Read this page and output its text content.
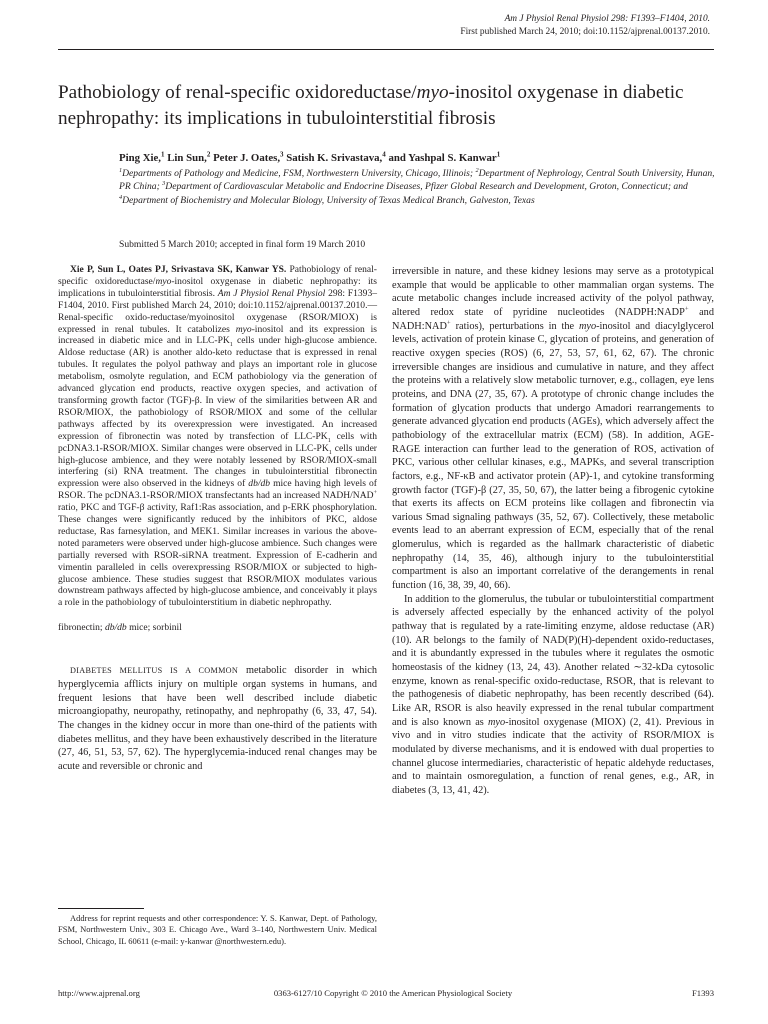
Am J Physiol Renal Physiol 298: F1393–F1404, 2010.
First published March 24, 2010; doi:10.1152/ajprenal.00137.2010.
Pathobiology of renal-specific oxidoreductase/myo-inositol oxygenase in diabetic nephropathy: its implications in tubulointerstitial fibrosis
Ping Xie,$^1$ Lin Sun,$^2$ Peter J. Oates,$^3$ Satish K. Srivastava,$^4$ and Yashpal S. Kanwar$^1$
$^1$Departments of Pathology and Medicine, FSM, Northwestern University, Chicago, Illinois; $^2$Department of Nephrology, Central South University, Hunan, PR China; $^3$Department of Cardiovascular Metabolic and Endocrine Diseases, Pfizer Global Research and Development, Groton, Connecticut; and $^4$Department of Biochemistry and Molecular Biology, University of Texas Medical Branch, Galveston, Texas
Submitted 5 March 2010; accepted in final form 19 March 2010

Xie P, Sun L, Oates PJ, Srivastava SK, Kanwar YS. Pathobiology of renal-specific oxidoreductase/myo-inositol oxygenase in diabetic nephropathy: its implications in tubulointerstitial fibrosis. Am J Physiol Renal Physiol 298: F1393–F1404, 2010. First published March 24, 2010; doi:10.1152/ajprenal.00137.2010.—Renal-specific oxido-reductase/myoinositol oxygenase (RSOR/MIOX) is expressed in renal tubules. It catabolizes myo-inositol and its expression is increased in diabetic mice and in LLC-$PK_1$ cells under high-glucose ambience. Aldose reductase (AR) is another aldo-keto reductase that is expressed in renal tubules. It regulates the polyol pathway and plays an important role in glucose metabolism, osmolyte regulation, and ECM pathobiology via the generation of advanced glycation end products, reactive oxygen species, and activation of transforming growth factor (TGF)-β. In view of the similarities between AR and RSOR/MIOX, the pathobiology of RSOR/MIOX and some of the cellular pathways affected by its overexpression were investigated. An increased expression of fibronectin was noted by transfection of LLC-$PK_1$ cells with pcDNA3.1-RSOR/MIOX. Similar changes were observed in LLC-$PK_1$ cells under high-glucose ambience, and they were notably lessened by RSOR/MIOX-small interfering (si) RNA treatment. The changes in tubulointerstitial fibronectin expression were also observed in the kidneys of db/db mice having high levels of RSOR. The pcDNA3.1-RSOR/MIOX transfectants had an increased NADH/NAD+ ratio, PKC and TGF-β activity, Raf1:Ras association, and p-ERK phosphorylation. These changes were significantly reduced by the inhibitors of PKC, aldose reductase, Ras farnesylation, and MEK1. Similar increases in various the above-noted parameters were observed under high-glucose ambience. Such changes were partially reversed with RSOR-siRNA treatment. Expression of E-cadherin and vimentin paralleled in cells overexpressing RSOR/MIOX or subjected to high-glucose ambience. These studies suggest that RSOR/MIOX modulates various downstream pathways affected by high-glucose ambience, and conceivably it plays a role in the pathobiology of tubulointerstitium in diabetic nephropathy.

fibronectin; db/db mice; sorbinil

DIABETES MELLITUS IS A COMMON metabolic disorder in which hyperglycemia afflicts injury on multiple organ systems in humans, and frequent lesions that have been well described include diabetic microangiopathy, neuropathy, retinopathy, and nephropathy (6, 33, 47, 54). The changes in the kidney occur in more than one-third of the patients with diabetes mellitus, and they have been exhaustively described in the literature (27, 46, 51, 53, 57, 62). The hyperglycemia-induced renal changes may be acute and reversible or chronic and

Address for reprint requests and other correspondence: Y. S. Kanwar, Dept. of Pathology, FSM, Northwestern Univ., 303 E. Chicago Ave., Ward 3–140, Northwestern Univ. Medical School, Chicago, IL 60611 (e-mail: y-kanwar @northwestern.edu).

irreversible in nature, and these kidney lesions may serve as a prototypical example that would be applicable to other mammalian organ systems. The acute metabolic changes include increased activity of the polyol pathway, altered redox state of pyridine nucleotides (NADPH:NADP+ and NADH:NAD+ ratios), perturbations in the myo-inositol and diacylglycerol levels, activation of protein kinase C, glycation of proteins, and generation of reactive oxygen species (ROS) (6, 27, 53, 57, 61, 62, 67). The chronic irreversible changes are insidious and cumulative in nature, and they affect the proteins with a relatively slow metabolic turnover, e.g., collagen, eye lens proteins, and DNA (27, 35, 67). A prototype of chronic change includes the formation of glycation products that undergo Amadori rearrangements to generate advanced glycation end products (AGEs), which adversely affect the pathobiology of the extracellular matrix (ECM) (58). In addition, AGE-RAGE interaction can further lead to the generation of ROS, activation of PKC, various other cellular kinases, e.g., MAPKs, and several transcription factors, e.g., NF-κB and activator protein (AP)-1, and cytokine transforming growth factor (TGF)-β (27, 35, 50, 67), the latter being a fibrogenic cytokine that exerts its affects on ECM proteins like collagen and fibronectin via various Smad signaling pathways (35, 52, 67). Collectively, these metabolic events lead to an aberrant expression of ECM, especially that of the renal glomerulus, which is regarded as the hallmark characteristic of diabetic nephropathy (14, 35, 46), although injury to the tubulointerstitial compartment is also an important correlative of the derangements in renal function (16, 38, 39, 40, 66).

In addition to the glomerulus, the tubular or tubulointerstitial compartment is adversely affected especially by the enhanced activity of the polyol pathway that is regulated by a rate-limiting enzyme, aldose reductase (AR) (10). AR belongs to the family of NAD(P)(H)-dependent oxido-reductases, and it is abundantly expressed in the tubules where it regulates the osmotic homeostasis of the kidney (13, 24, 43). Another related ∼32-kDa cytosolic enzyme, known as renal-specific oxido-reductase, RSOR, that is relevant to the pathogenesis of diabetic nephropathy, has been recently described (64). Like AR, RSOR is also heavily expressed in the renal tubular compartment and is also known as myo-inositol oxygenase (MIOX) (2, 41). Previous in vivo and in vitro studies indicate that the activity of RSOR/MIOX is modulated by diverse mechanisms, and it is endowed with dual properties to channel glucose intermediaries, characteristic of hepatic aldehyde reductases, and to maintain osmoregulation, a function of renal genes, e.g., AR, in diabetes (3, 13, 41, 42).

http://www.ajprenal.org	0363-6127/10 Copyright © 2010 the American Physiological Society	F1393
